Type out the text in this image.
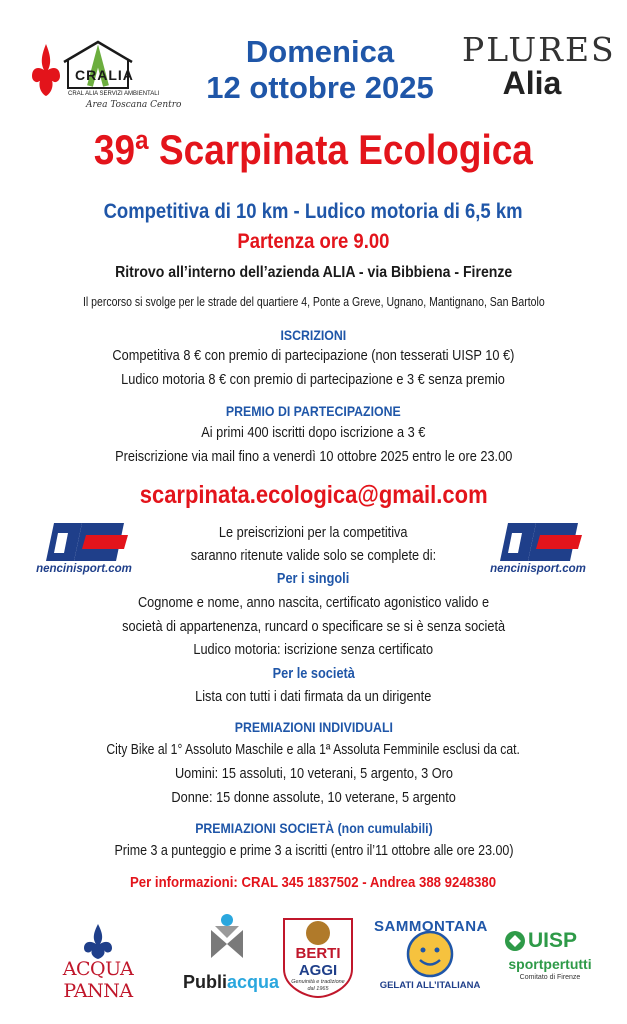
CRALIA
CRAL ALIA SERVIZI AMBIENTALI
Area Toscana Centro
Domenica
12 ottobre 2025
PLURES
Alia
39ª Scarpinata Ecologica
Competitiva di 10 km - Ludico motoria di 6,5 km
Partenza ore 9.00
Ritrovo all’interno dell’azienda ALIA - via Bibbiena - Firenze
Il percorso si svolge per le strade del quartiere 4, Ponte a Greve, Ugnano, Mantignano, San Bartolo
ISCRIZIONI
Competitiva 8 € con premio di partecipazione (non tesserati UISP 10 €)
Ludico motoria 8 € con premio di partecipazione e 3 € senza premio
PREMIO DI PARTECIPAZIONE
Ai primi 400 iscritti dopo iscrizione a 3 €
Preiscrizione via mail fino a venerdì 10 ottobre 2025 entro le ore 23.00
scarpinata.ecologica@gmail.com
nencinisport.com	nencinisport.com
Le preiscrizioni per la competitiva
saranno ritenute valide solo se complete di:
Per i singoli
Cognome e nome, anno nascita, certificato agonistico valido e
società di appartenenza, runcard o specificare se si è senza società
Ludico motoria: iscrizione senza certificato
Per le società
Lista con tutti i dati firmata da un dirigente
PREMIAZIONI INDIVIDUALI
City Bike al 1° Assoluto Maschile e alla 1ª Assoluta Femminile esclusi da cat.
Uomini: 15 assoluti, 10 veterani, 5 argento, 3 Oro
Donne: 15 donne assolute, 10 veterane, 5 argento
PREMIAZIONI SOCIETÀ (non cumulabili)
Prime 3 a punteggio e prime 3 a iscritti (entro il’11 ottobre alle ore 23.00)
Per informazioni: CRAL 345 1837502 - Andrea 388 9248380
ACQUA PANNA	Publiacqua
BERTI
AGGI
Genuinità e tradizione dal 1965
SAMMONTANA
GELATI ALL’ITALIANA
UISP
sportpertutti
Comitato di Firenze
